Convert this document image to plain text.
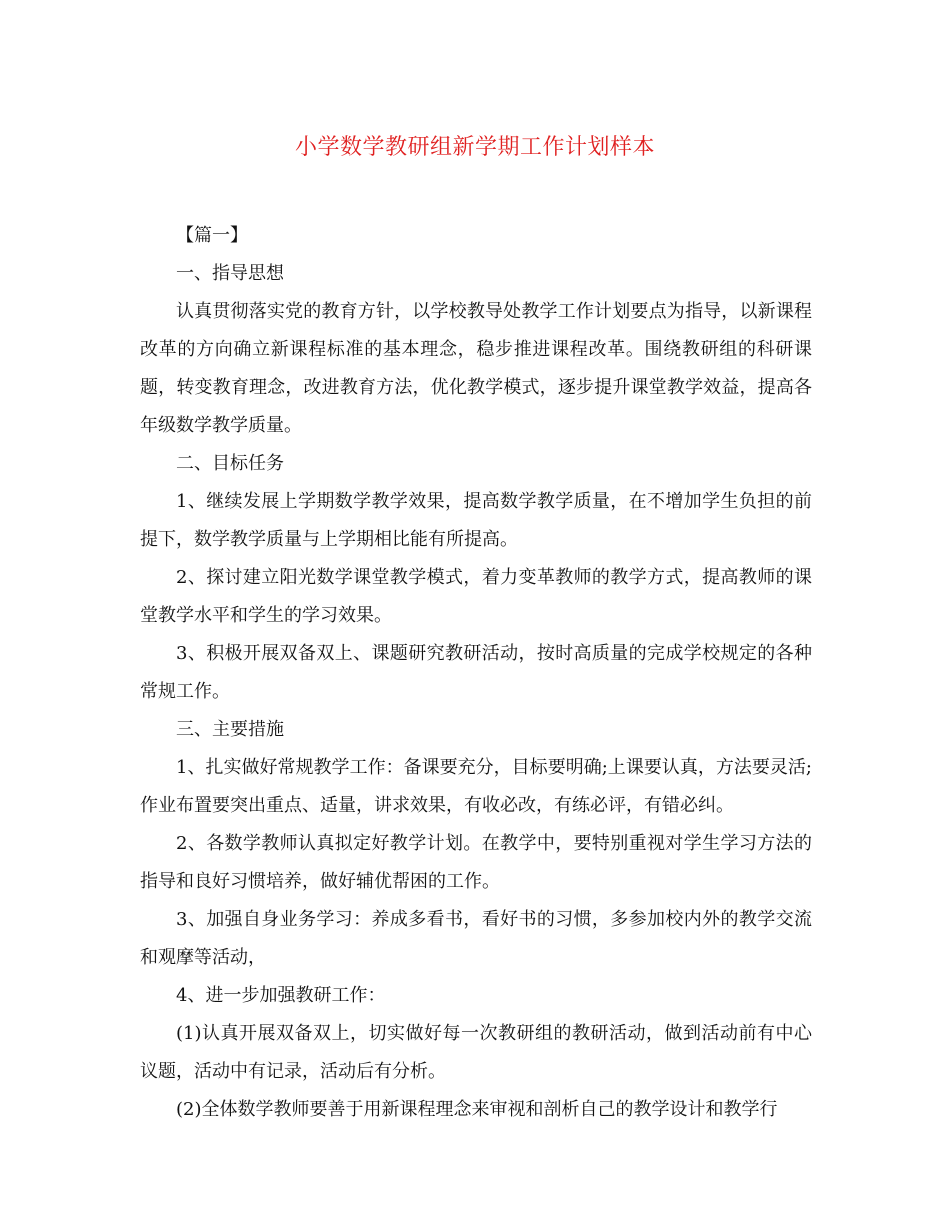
小学数学教研组新学期工作计划样本

【篇一】

一、指导思想

认真贯彻落实党的教育方针，以学校教导处教学工作计划要点为指导，以新课程改革的方向确立新课程标准的基本理念，稳步推进课程改革。围绕教研组的科研课题，转变教育理念，改进教育方法，优化教学模式，逐步提升课堂教学效益，提高各年级数学教学质量。

二、目标任务

1、继续发展上学期数学教学效果，提高数学教学质量，在不增加学生负担的前提下，数学教学质量与上学期相比能有所提高。

2、探讨建立阳光数学课堂教学模式，着力变革教师的教学方式，提高教师的课堂教学水平和学生的学习效果。

3、积极开展双备双上、课题研究教研活动，按时高质量的完成学校规定的各种常规工作。

三、主要措施

1、扎实做好常规教学工作：备课要充分，目标要明确;上课要认真，方法要灵活;作业布置要突出重点、适量，讲求效果，有收必改，有练必评，有错必纠。

2、各数学教师认真拟定好教学计划。在教学中，要特别重视对学生学习方法的指导和良好习惯培养，做好辅优帮困的工作。

3、加强自身业务学习：养成多看书，看好书的习惯，多参加校内外的教学交流和观摩等活动，

4、进一步加强教研工作：

(1)认真开展双备双上，切实做好每一次教研组的教研活动，做到活动前有中心议题，活动中有记录，活动后有分析。

(2)全体数学教师要善于用新课程理念来审视和剖析自己的教学设计和教学行
